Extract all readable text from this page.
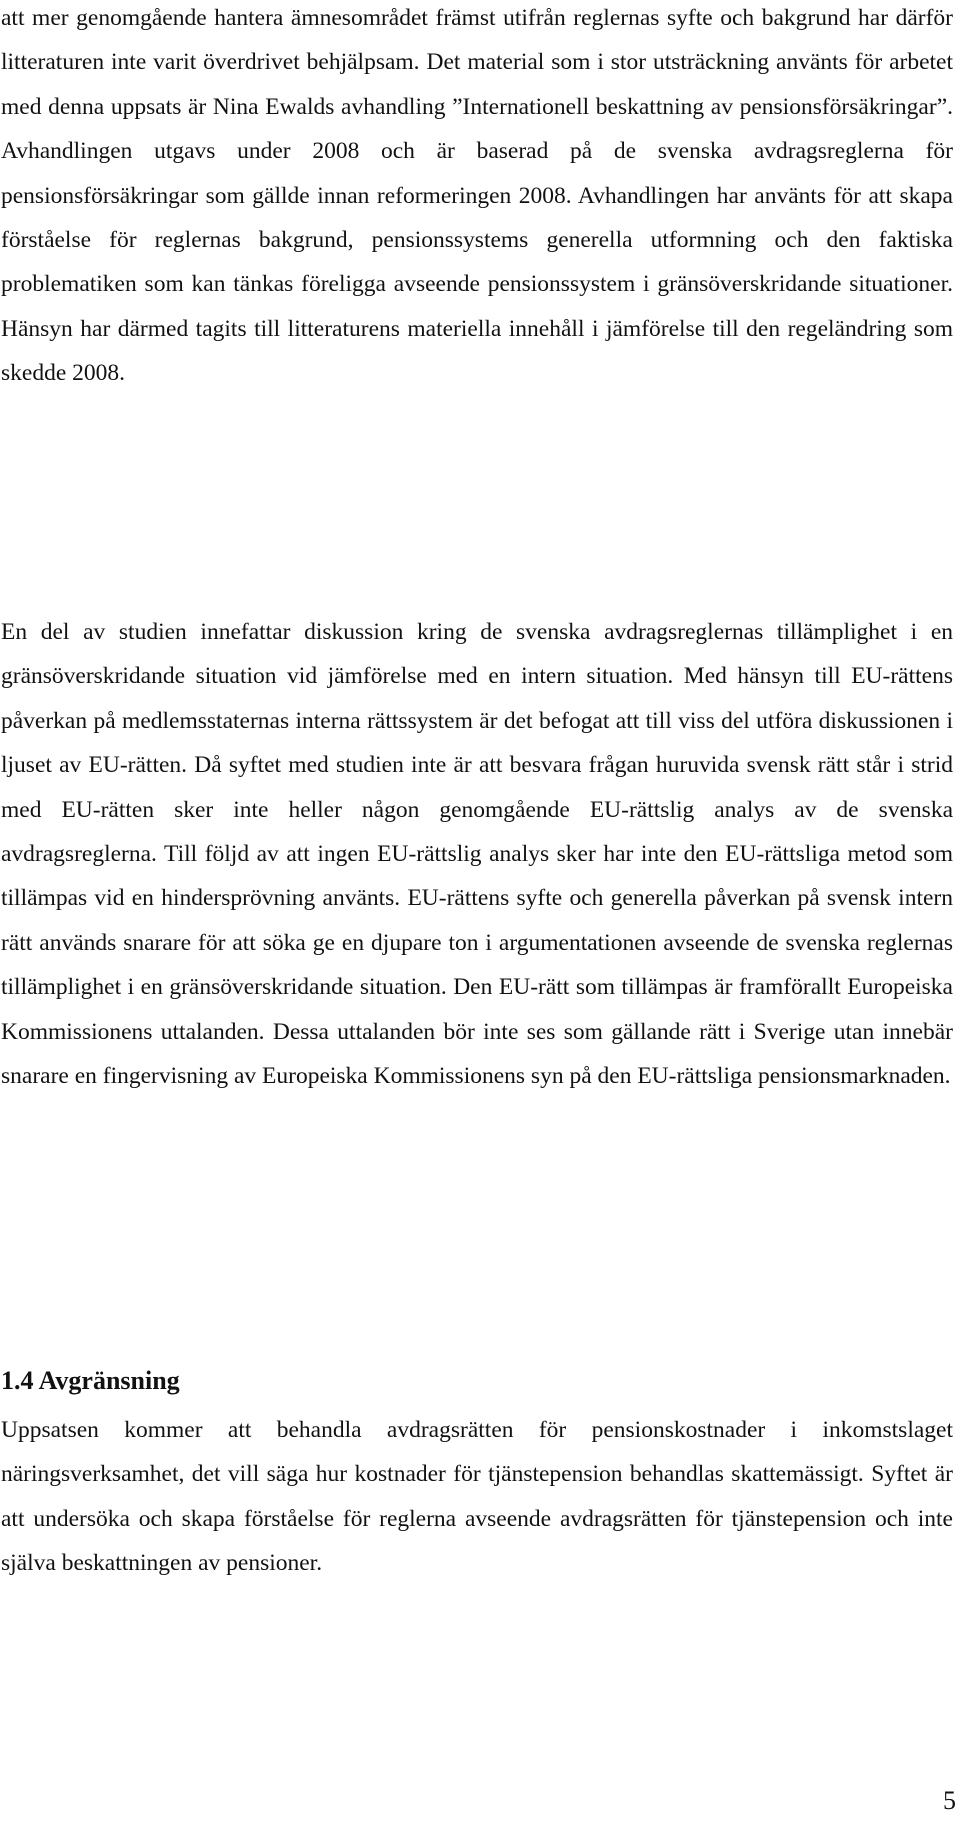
att mer genomgående hantera ämnesområdet främst utifrån reglernas syfte och bakgrund har därför litteraturen inte varit överdrivet behjälpsam. Det material som i stor utsträckning använts för arbetet med denna uppsats är Nina Ewalds avhandling ”Internationell beskattning av pensionsförsäkringar”. Avhandlingen utgavs under 2008 och är baserad på de svenska avdragsreglerna för pensionsförsäkringar som gällde innan reformeringen 2008. Avhandlingen har använts för att skapa förståelse för reglernas bakgrund, pensionssystems generella utformning och den faktiska problematiken som kan tänkas föreligga avseende pensionssystem i gränsöverskridande situationer. Hänsyn har därmed tagits till litteraturens materiella innehåll i jämförelse till den regeländring som skedde 2008.

En del av studien innefattar diskussion kring de svenska avdragsreglernas tillämplighet i en gränsöverskridande situation vid jämförelse med en intern situation. Med hänsyn till EU-rättens påverkan på medlemsstaternas interna rättssystem är det befogat att till viss del utföra diskussionen i ljuset av EU-rätten. Då syftet med studien inte är att besvara frågan huruvida svensk rätt står i strid med EU-rätten sker inte heller någon genomgående EU-rättslig analys av de svenska avdragsreglerna. Till följd av att ingen EU-rättslig analys sker har inte den EU-rättsliga metod som tillämpas vid en hindersprövning använts. EU-rättens syfte och generella påverkan på svensk intern rätt används snarare för att söka ge en djupare ton i argumentationen avseende de svenska reglernas tillämplighet i en gränsöverskridande situation. Den EU-rätt som tillämpas är framförallt Europeiska Kommissionens uttalanden. Dessa uttalanden bör inte ses som gällande rätt i Sverige utan innebär snarare en fingervisning av Europeiska Kommissionens syn på den EU-rättsliga pensionsmarknaden.

1.4 Avgränsning

Uppsatsen kommer att behandla avdragsrätten för pensionskostnader i inkomstslaget näringsverksamhet, det vill säga hur kostnader för tjänstepension behandlas skattemässigt. Syftet är att undersöka och skapa förståelse för reglerna avseende avdragsrätten för tjänstepension och inte själva beskattningen av pensioner.

5
